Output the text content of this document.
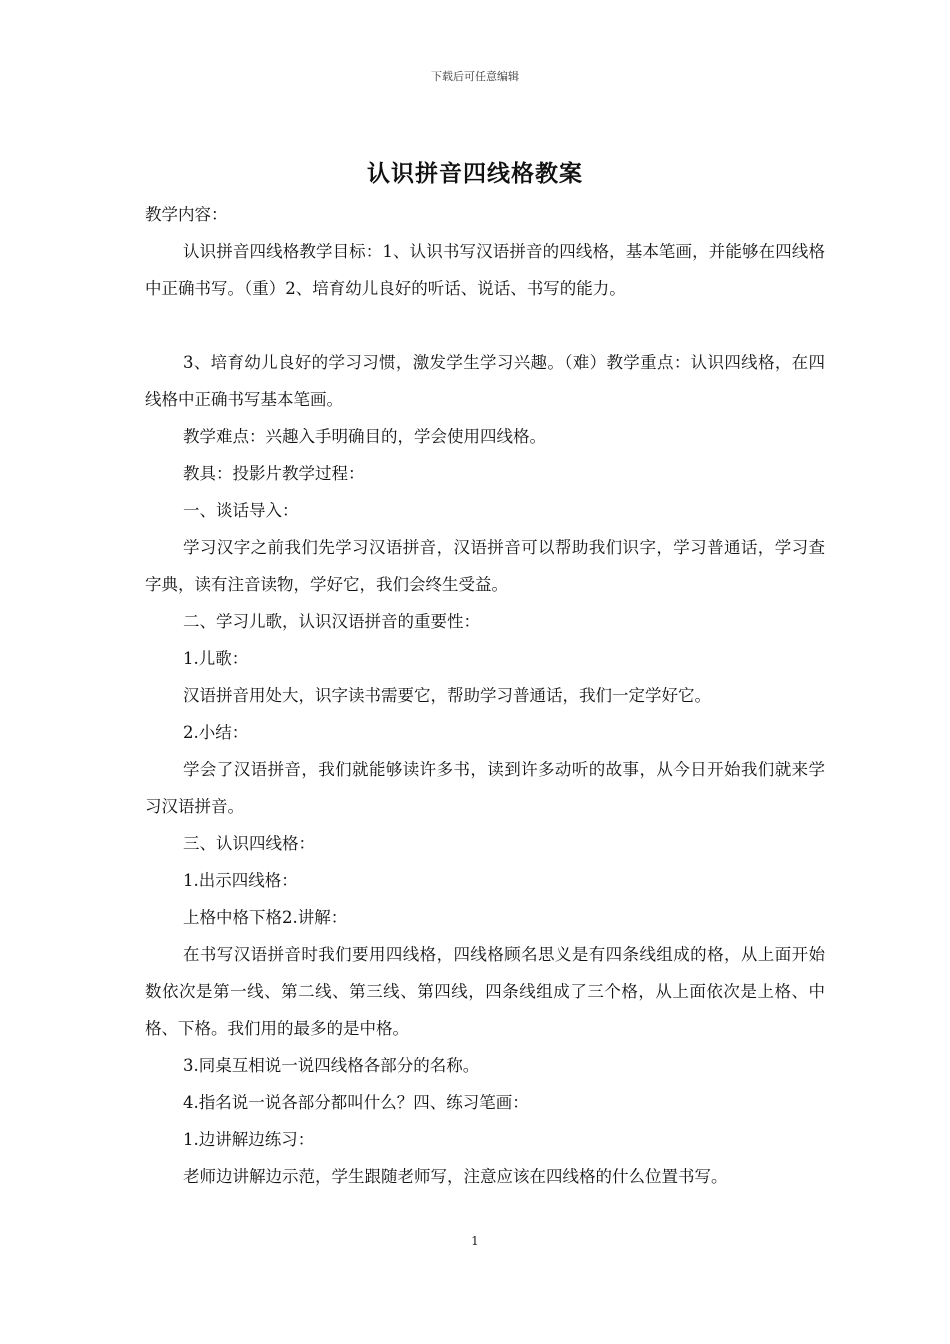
下载后可任意编辑
认识拼音四线格教案

教学内容：

认识拼音四线格教学目标：1、认识书写汉语拼音的四线格，基本笔画，并能够在四线格中正确书写。（重）2、培育幼儿良好的听话、说话、书写的能力。

3、培育幼儿良好的学习习惯，激发学生学习兴趣。（难）教学重点：认识四线格，在四线格中正确书写基本笔画。

教学难点：兴趣入手明确目的，学会使用四线格。

教具：投影片教学过程：

一、谈话导入：

学习汉字之前我们先学习汉语拼音，汉语拼音可以帮助我们识字，学习普通话，学习查字典，读有注音读物，学好它，我们会终生受益。

二、学习儿歌，认识汉语拼音的重要性：

1.儿歌：

汉语拼音用处大，识字读书需要它，帮助学习普通话，我们一定学好它。

2.小结：

学会了汉语拼音，我们就能够读许多书，读到许多动听的故事，从今日开始我们就来学习汉语拼音。

三、认识四线格：

1.出示四线格：

上格中格下格2.讲解：

在书写汉语拼音时我们要用四线格，四线格顾名思义是有四条线组成的格，从上面开始数依次是第一线、第二线、第三线、第四线，四条线组成了三个格，从上面依次是上格、中格、下格。我们用的最多的是中格。

3.同桌互相说一说四线格各部分的名称。

4.指名说一说各部分都叫什么？四、练习笔画：

1.边讲解边练习：

老师边讲解边示范，学生跟随老师写，注意应该在四线格的什么位置书写。

1
